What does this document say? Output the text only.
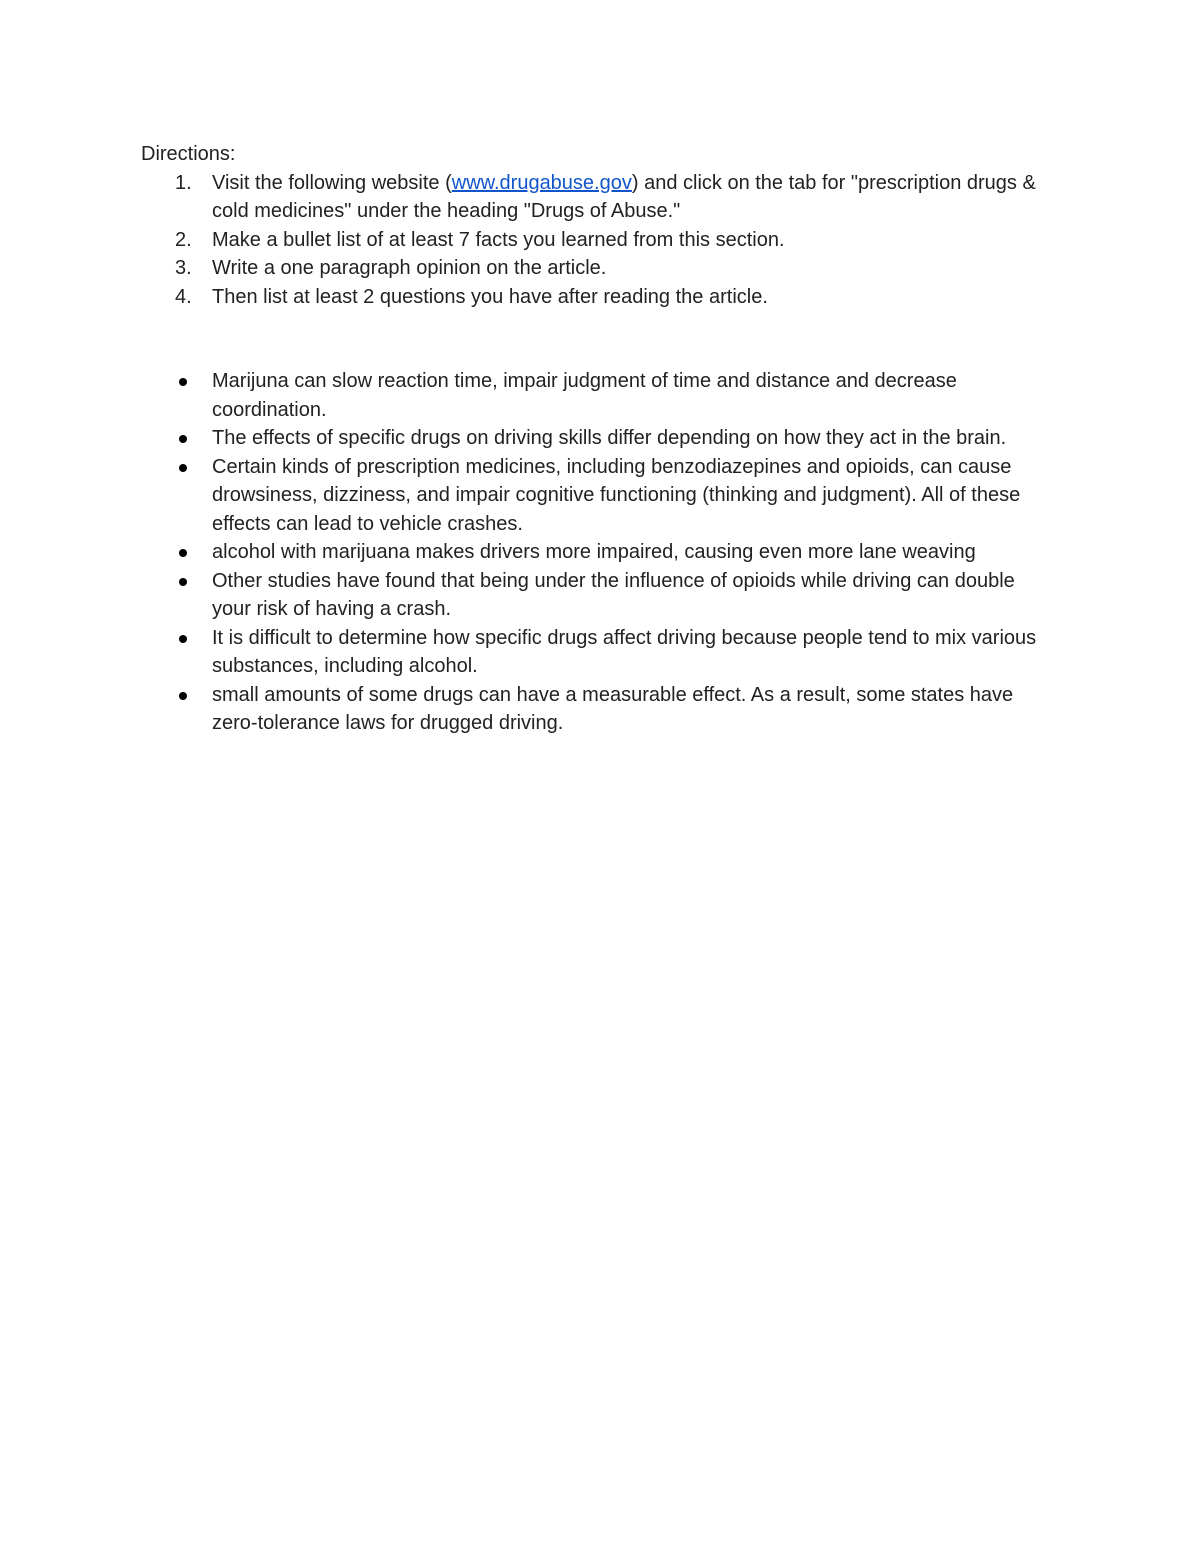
Directions:

1.	Visit the following website (www.drugabuse.gov) and click on the tab for "prescription drugs & cold medicines" under the heading "Drugs of Abuse."
2.	Make a bullet list of at least 7 facts you learned from this section.
3.	Write a one paragraph opinion on the article.
4.	Then list at least 2 questions you have after reading the article.
Marijuna can slow reaction time, impair judgment of time and distance and decrease coordination.
The effects of specific drugs on driving skills differ depending on how they act in the brain.
Certain kinds of prescription medicines, including benzodiazepines and opioids, can cause drowsiness, dizziness, and impair cognitive functioning (thinking and judgment). All of these effects can lead to vehicle crashes.
alcohol with marijuana makes drivers more impaired, causing even more lane weaving
Other studies have found that being under the influence of opioids while driving can double your risk of having a crash.
It is difficult to determine how specific drugs affect driving because people tend to mix various substances, including alcohol.
small amounts of some drugs can have a measurable effect. As a result, some states have zero-tolerance laws for drugged driving.
